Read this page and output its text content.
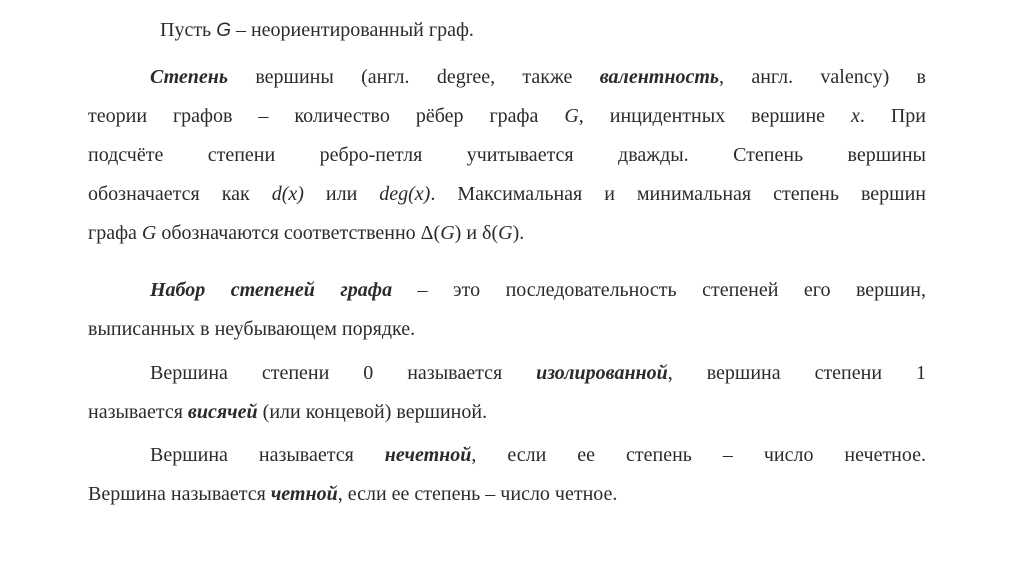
Пусть G – неориентированный граф.

Степень вершины (англ. degree, также валентность, англ. valency) в
теории графов – количество рёбер графа G, инцидентных вершине x. При
подсчёте степени ребро-петля учитывается дважды. Степень вершины
обозначается как d(x) или deg(x). Максимальная и минимальная степень вершин
графа G обозначаются соответственно Δ(G) и δ(G).

Набор степеней графа – это последовательность степеней его вершин,
выписанных в неубывающем порядке.

Вершина степени 0 называется изолированной, вершина степени 1
называется висячей (или концевой) вершиной.

Вершина называется нечетной, если ее степень – число нечетное.
Вершина называется четной, если ее степень – число четное.
